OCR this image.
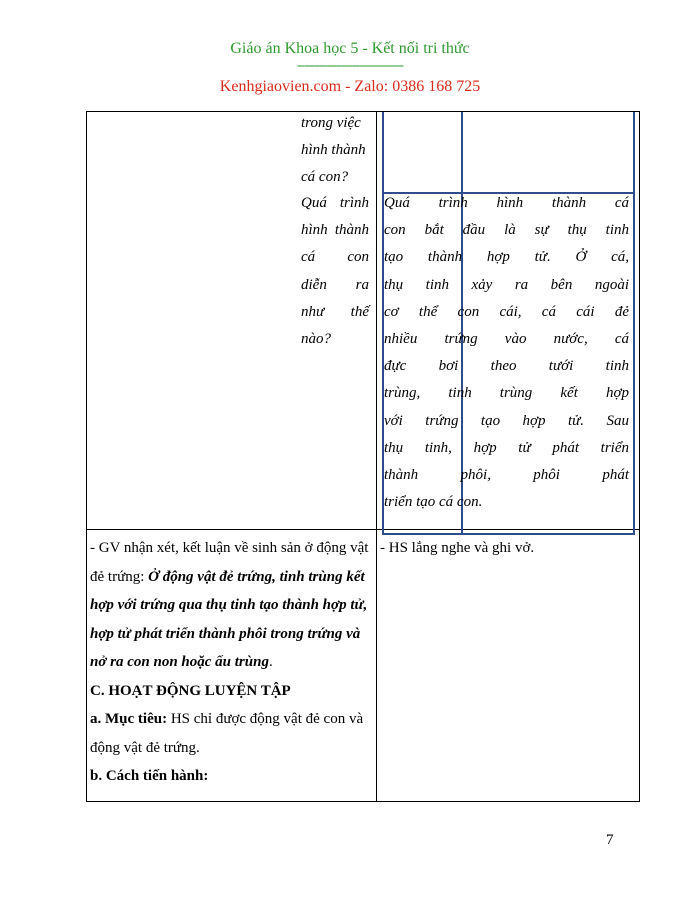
Giáo án Khoa học 5 - Kết nối tri thức
-----------------------------
Kenhgiaovien.com - Zalo: 0386 168 725
trong việc
hình thành
cá con?
Quá trình
hình thành
cá con
diễn ra
như thế
nào?
Quá trình hình thành cá
con bắt đầu là sự thụ tinh
tạo thành hợp tử. Ở cá,
thụ tinh xảy ra bên ngoài
cơ thể con cái, cá cái đẻ
nhiều trứng vào nước, cá
đực bơi theo tưới tinh
trùng, tinh trùng kết hợp
với trứng tạo hợp tử. Sau
thụ tinh, hợp tử phát triển
thành phôi, phôi phát
triển tạo cá con.

- GV nhận xét, kết luận về sinh sản ở động vật đẻ trứng: Ở động vật đẻ trứng, tinh trùng kết hợp với trứng qua thụ tinh tạo thành hợp tử, hợp tử phát triển thành phôi trong trứng và nở ra con non hoặc ấu trùng.

C. HOẠT ĐỘNG LUYỆN TẬP

a. Mục tiêu: HS chỉ được động vật đẻ con và động vật đẻ trứng.

b. Cách tiến hành:

- HS lắng nghe và ghi vở.
7
